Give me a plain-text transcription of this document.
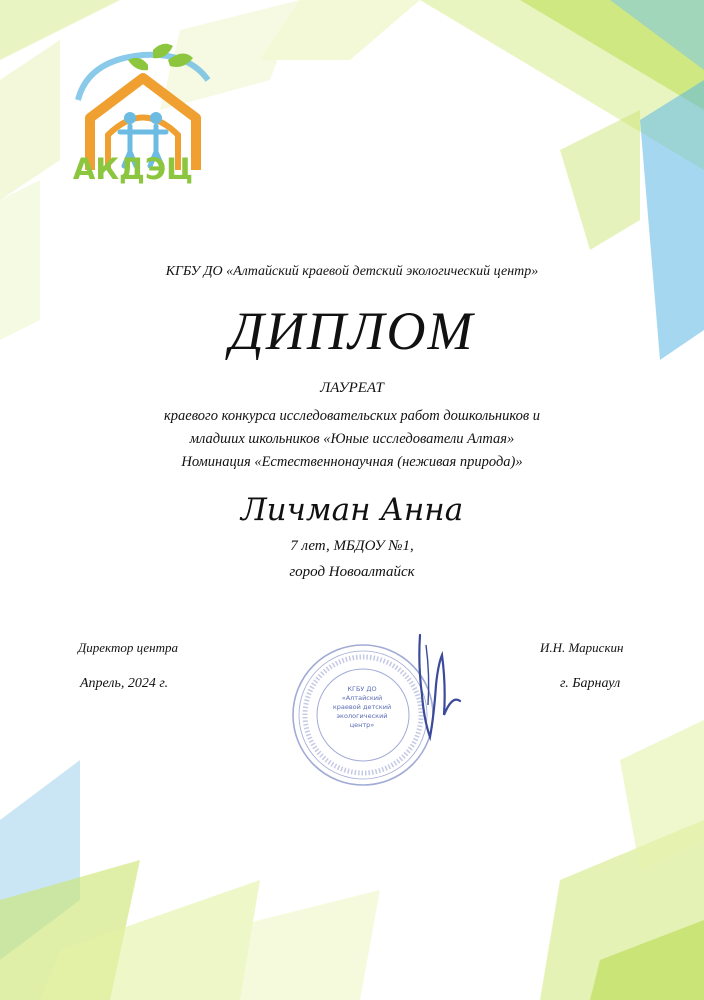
АКДЭЦ
КГБУ ДО «Алтайский краевой детский экологический центр»
ДИПЛОМ
ЛАУРЕАТ
краевого конкурса исследовательских работ дошкольников и
младших школьников «Юные исследователи Алтая»
Номинация «Естественнонаучная (неживая природа)»
Личман Анна
7 лет, МБДОУ №1,
город Новоалтайск
Директор центра	И.Н. Марискин
Апрель, 2024 г.	г. Барнаул
КГБУ ДО
«Алтайский
краевой детский
экологический
центр»
